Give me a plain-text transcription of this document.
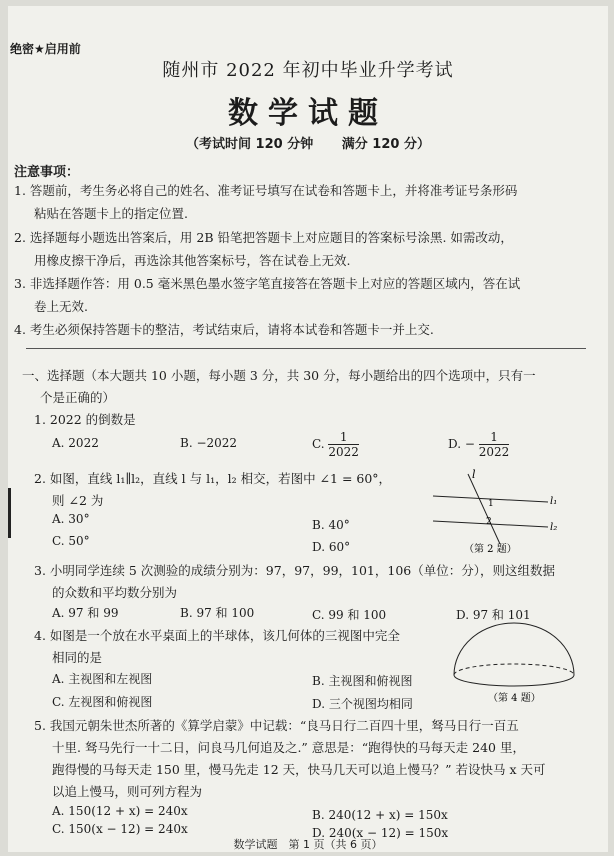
绝密★启用前
随州市 2022 年初中毕业升学考试
数学试题
（考试时间 120 分钟 满分 120 分）
注意事项：
1. 答题前，考生务必将自己的姓名、准考证号填写在试卷和答题卡上，并将准考证号条形码
粘贴在答题卡上的指定位置.
2. 选择题每小题选出答案后，用 2B 铅笔把答题卡上对应题目的答案标号涂黑. 如需改动，
用橡皮擦干净后，再选涂其他答案标号，答在试卷上无效.
3. 非选择题作答：用 0.5 毫米黑色墨水签字笔直接答在答题卡上对应的答题区域内，答在试
卷上无效.
4. 考生必须保持答题卡的整洁，考试结束后，请将本试卷和答题卡一并上交.
一、选择题（本大题共 10 小题，每小题 3 分，共 30 分，每小题给出的四个选项中，只有一
个是正确的）
1. 2022 的倒数是
A. 2022	B. −2022	C. $\frac{1}{2022}$	D. − $\frac{1}{2022}$
2. 如图，直线 l₁∥l₂，直线 l 与 l₁，l₂ 相交，若图中 ∠1 = 60°，
则 ∠2 为
A. 30°	B. 40°
C. 50°	D. 60°
l
l₁
l₂
1
2
（第 2 题）
3. 小明同学连续 5 次测验的成绩分别为：97，97，99，101，106（单位：分），则这组数据
的众数和平均数分别为
A. 97 和 99	B. 97 和 100	C. 99 和 100	D. 97 和 101
4. 如图是一个放在水平桌面上的半球体，该几何体的三视图中完全
相同的是
A. 主视图和左视图	B. 主视图和俯视图
C. 左视图和俯视图	D. 三个视图均相同	（第 4 题）
5. 我国元朝朱世杰所著的《算学启蒙》中记载：“良马日行二百四十里，驽马日行一百五
十里. 驽马先行一十二日，问良马几何追及之.” 意思是：“跑得快的马每天走 240 里，
跑得慢的马每天走 150 里，慢马先走 12 天，快马几天可以追上慢马？” 若设快马 x 天可
以追上慢马，则可列方程为
A. 150(12 + x) = 240x	B. 240(12 + x) = 150x
C. 150(x − 12) = 240x	D. 240(x − 12) = 150x
数学试题　第 1 页（共 6 页）
